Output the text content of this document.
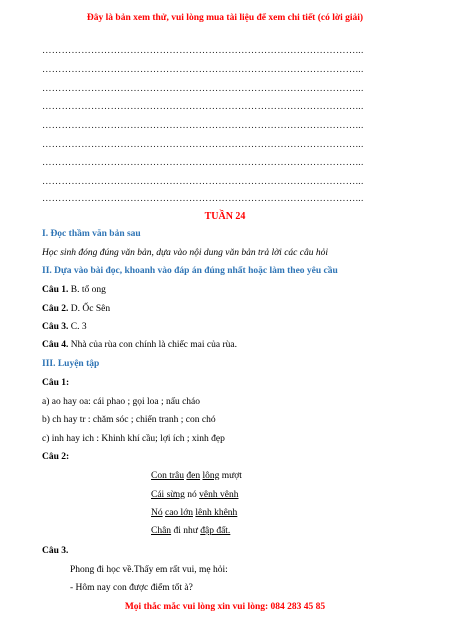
Đây là bản xem thử, vui lòng mua tài liệu để xem chi tiết (có lời giải)
……………………………………………………………………………………...
……………………………………………………………………………………...
……………………………………………………………………………………...
……………………………………………………………………………………...
……………………………………………………………………………………...
……………………………………………………………………………………...
……………………………………………………………………………………...
……………………………………………………………………………………...
……………………………………………………………………………………...
TUẦN 24
I. Đọc thầm văn bản sau
Học sinh đóng đúng văn bản, dựa vào nội dung văn bản trả lời các câu hỏi
II. Dựa vào bài đọc, khoanh vào đáp án đúng nhất hoặc làm theo yêu cầu
Câu 1. B. tổ ong
Câu 2. D. Ốc Sên
Câu 3. C. 3
Câu 4. Nhà của rùa con chính là chiếc mai của rùa.
III. Luyện tập
Câu 1:
a) ao hay oa: cái phao ; gọi loa ; nấu cháo
b) ch hay tr : chăm sóc ; chiến tranh ; con chó
c) inh hay ich : Khinh khí cầu; lợi ích ; xinh đẹp
Câu 2:
Con trâu đen lông mượt
Cái sừng nó vênh vênh
Nó cao lớn lênh khênh
Chân đi như đập đất.
Câu 3.
Phong đi học về.Thấy em rất vui, mẹ hỏi:
- Hôm nay con được điểm tốt à?
Mọi thắc mắc vui lòng xin vui lòng: 084 283 45 85
